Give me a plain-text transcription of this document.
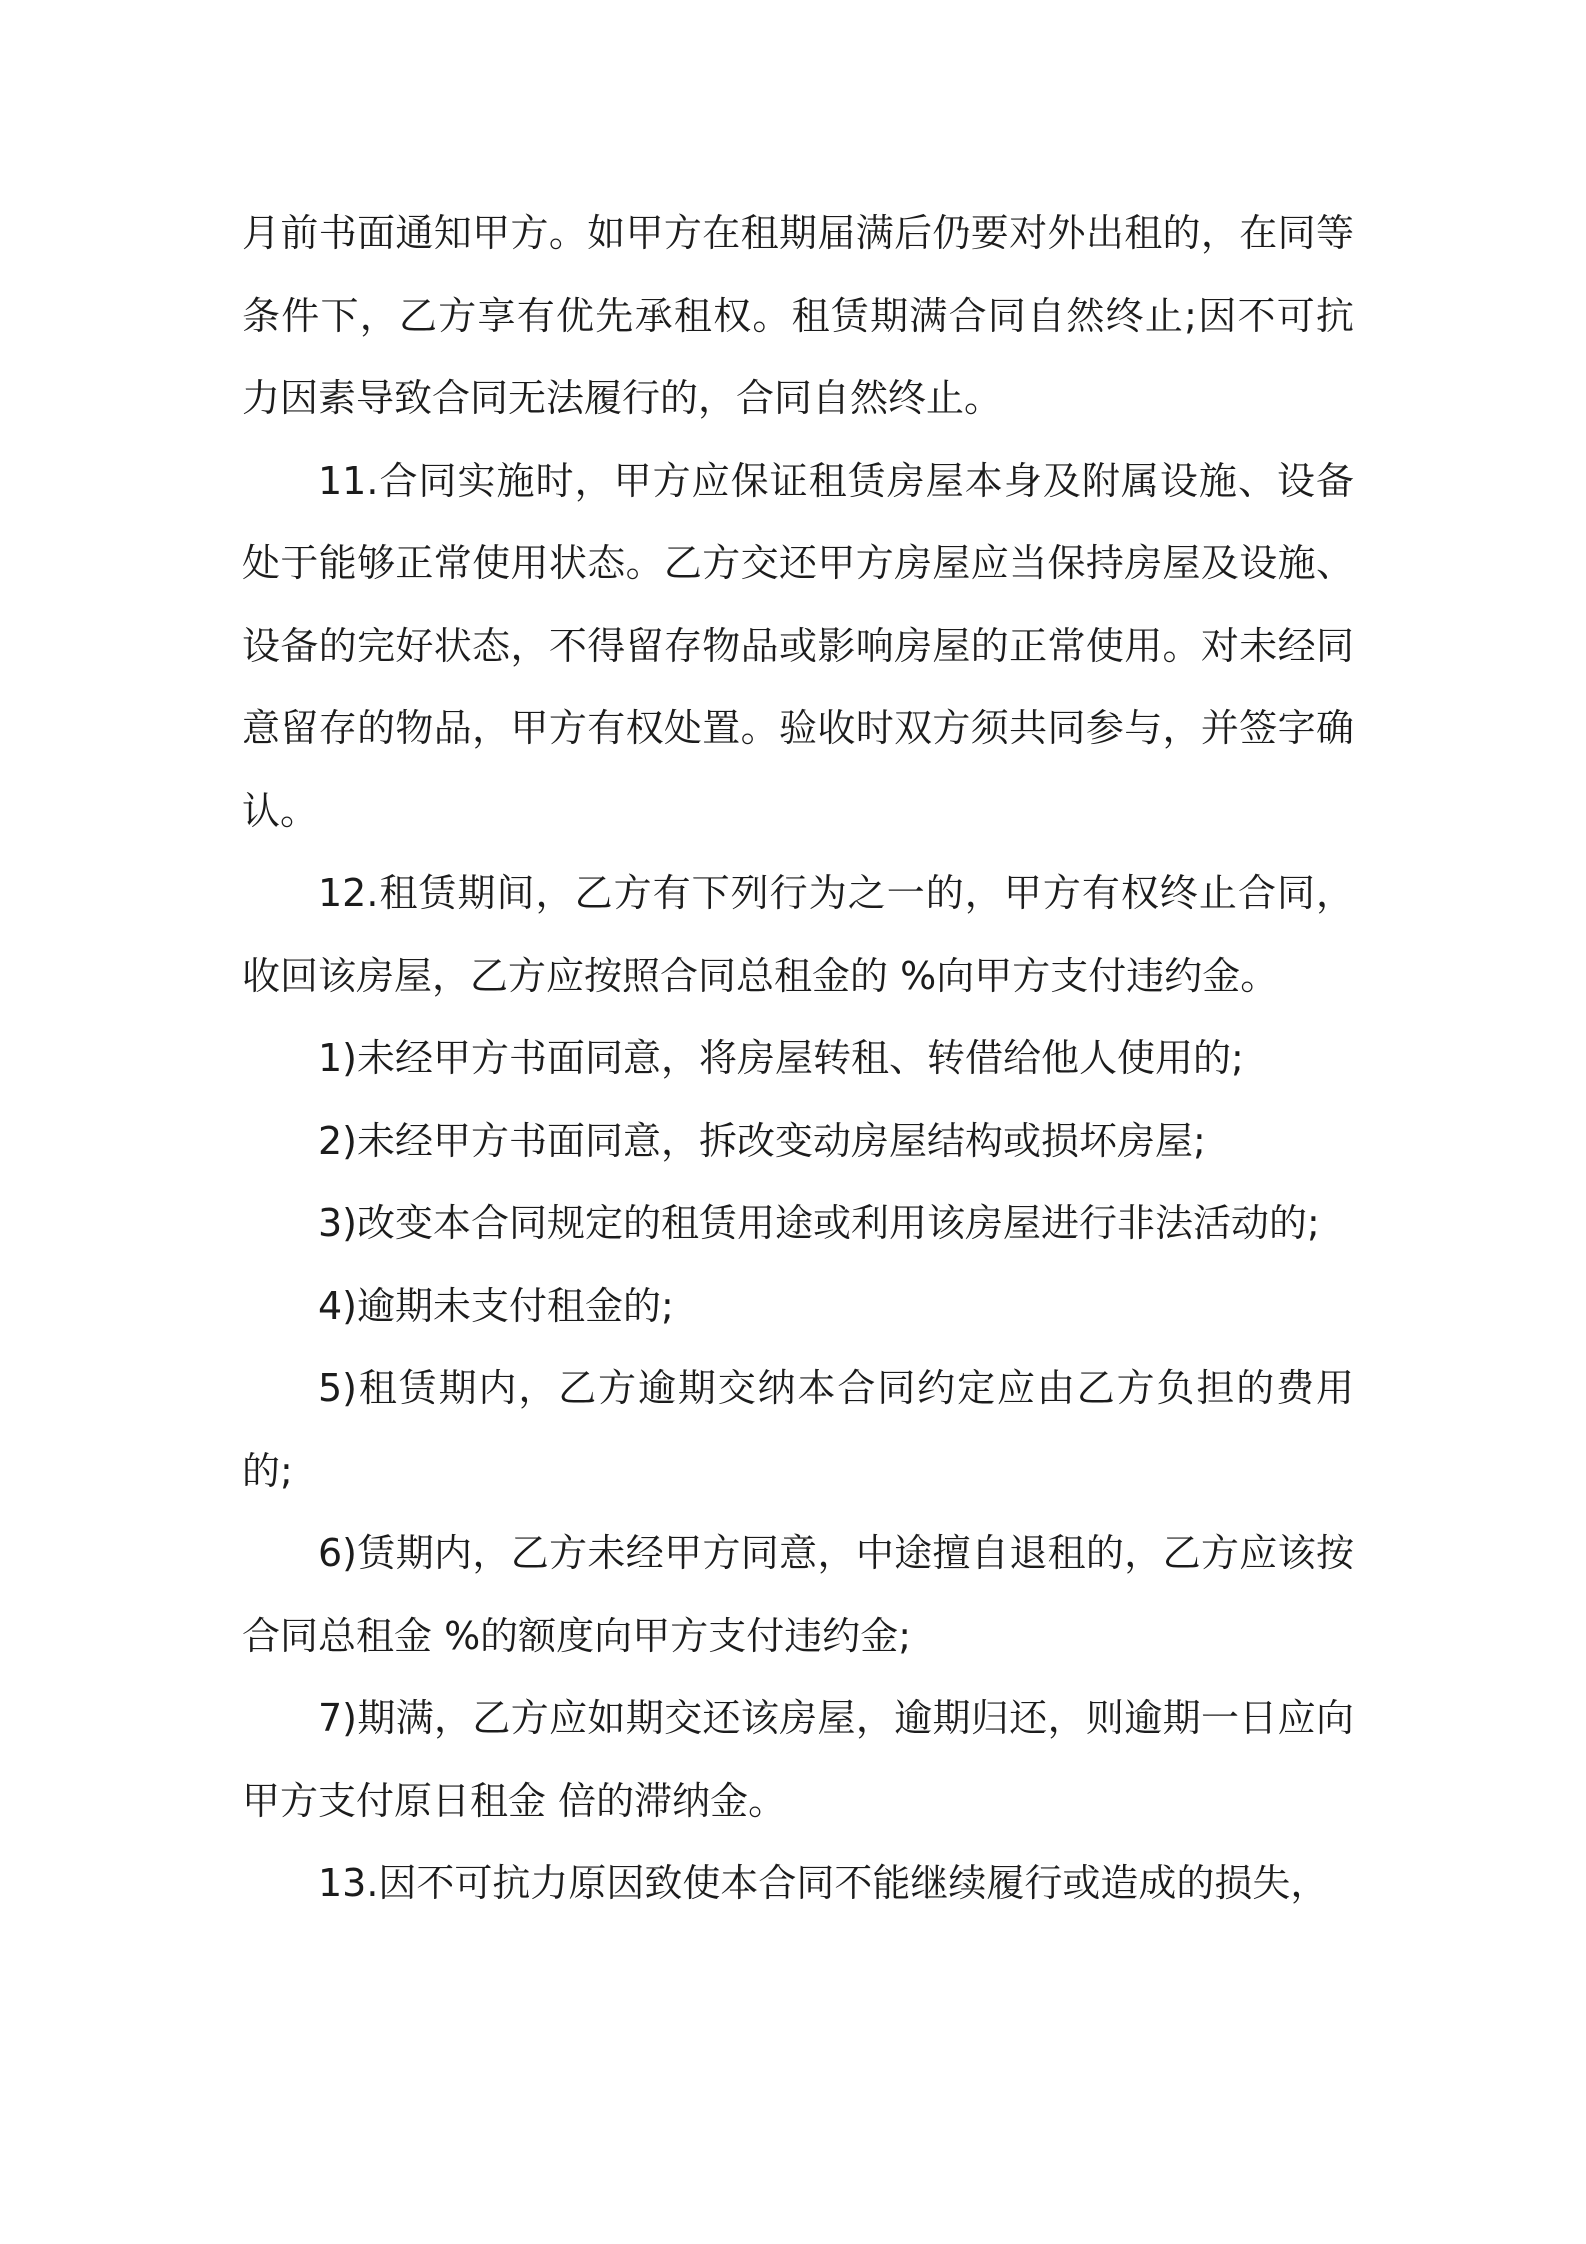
月前书面通知甲方。如甲方在租期届满后仍要对外出租的，在同等条件下，乙方享有优先承租权。租赁期满合同自然终止;因不可抗力因素导致合同无法履行的，合同自然终止。

11.合同实施时，甲方应保证租赁房屋本身及附属设施、设备处于能够正常使用状态。乙方交还甲方房屋应当保持房屋及设施、设备的完好状态，不得留存物品或影响房屋的正常使用。对未经同意留存的物品，甲方有权处置。验收时双方须共同参与，并签字确认。

12.租赁期间，乙方有下列行为之一的，甲方有权终止合同，收回该房屋，乙方应按照合同总租金的 %向甲方支付违约金。

1)未经甲方书面同意，将房屋转租、转借给他人使用的;

2)未经甲方书面同意，拆改变动房屋结构或损坏房屋;

3)改变本合同规定的租赁用途或利用该房屋进行非法活动的;

4)逾期未支付租金的;

5)租赁期内，乙方逾期交纳本合同约定应由乙方负担的费用的;

6)赁期内，乙方未经甲方同意，中途擅自退租的，乙方应该按合同总租金 %的额度向甲方支付违约金;

7)期满，乙方应如期交还该房屋，逾期归还，则逾期一日应向甲方支付原日租金 倍的滞纳金。

13.因不可抗力原因致使本合同不能继续履行或造成的损失，
